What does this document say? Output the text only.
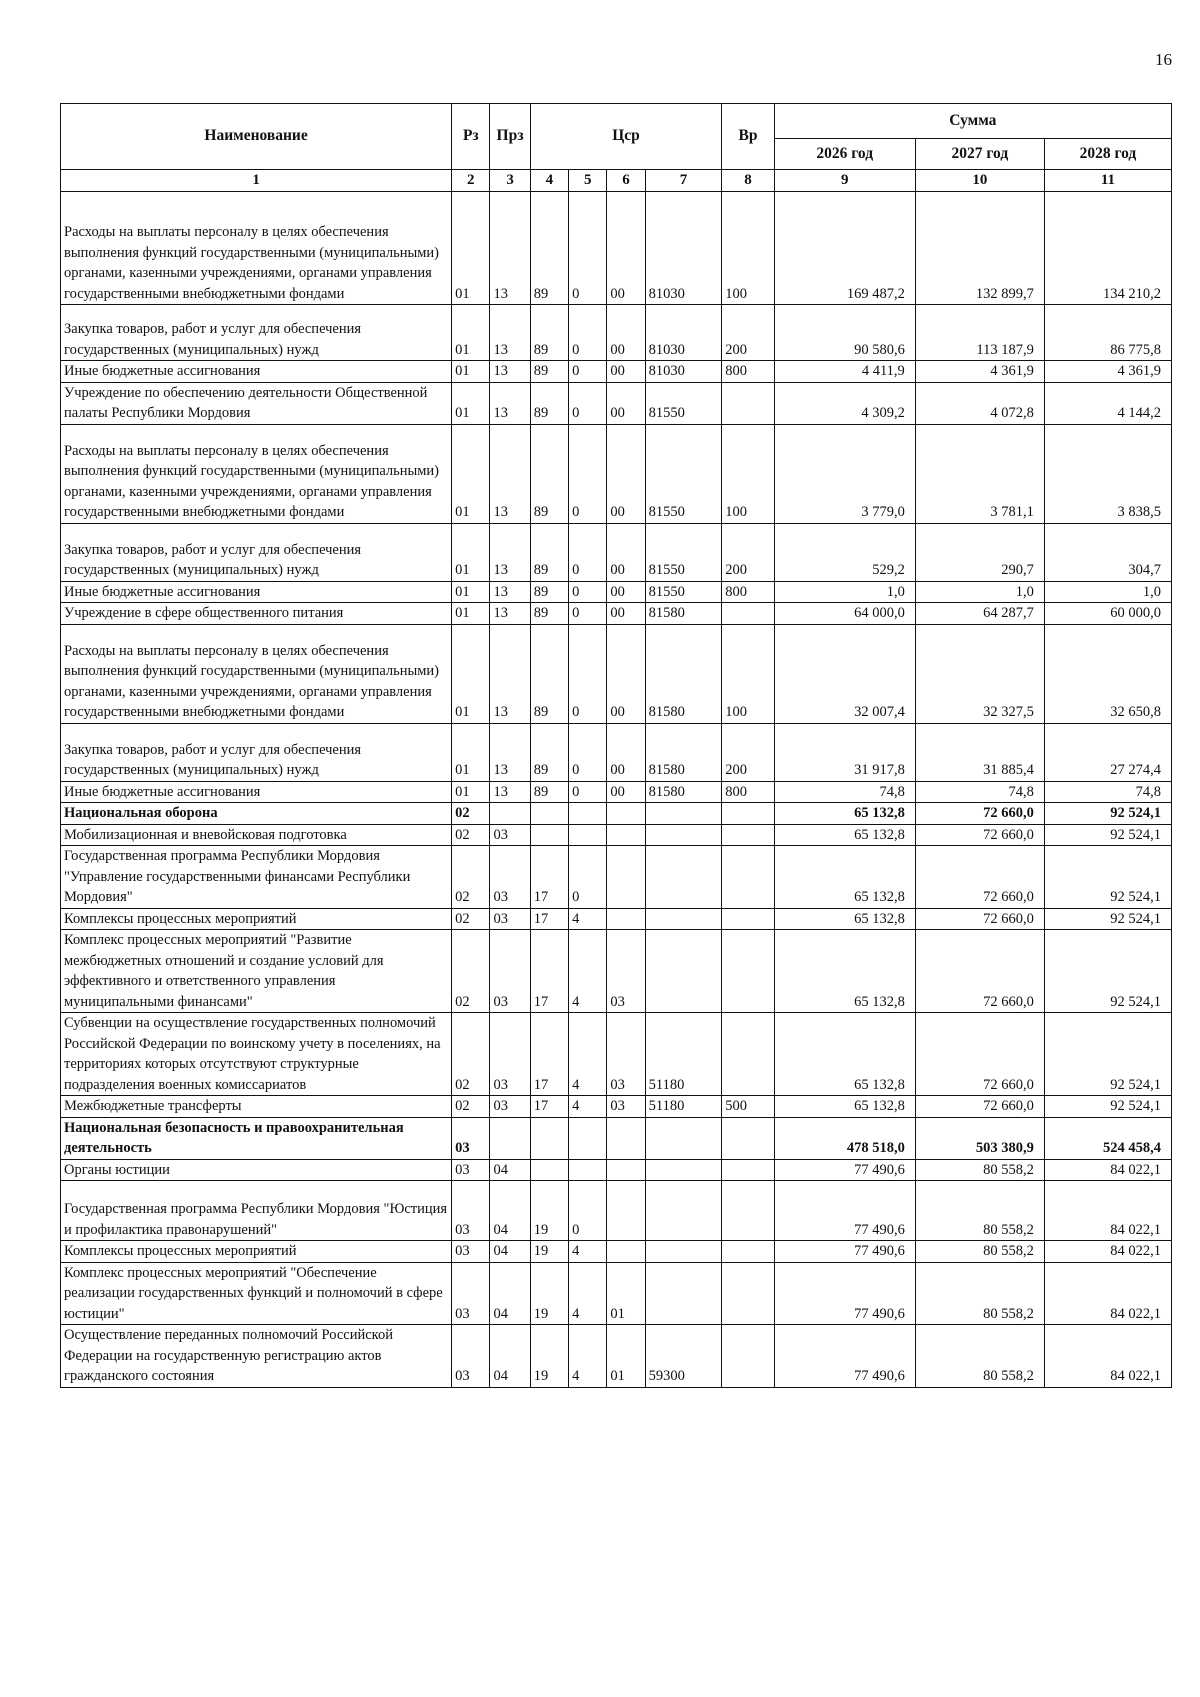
16
Наименование	Рз	Прз	Цср				Вр	Сумма		
								2026 год	2027 год	2028 год
1	2	3	4	5	6	7	8	9	10	11
Расходы на выплаты персоналу в целях обеспечения выполнения функций государственными (муниципальными) органами, казенными учреждениями, органами управления государственными внебюджетными фондами	01	13	89	0	00	81030	100	169 487,2	132 899,7	134 210,2
Закупка товаров, работ и услуг для обеспечения государственных (муниципальных) нужд	01	13	89	0	00	81030	200	90 580,6	113 187,9	86 775,8
Иные бюджетные ассигнования	01	13	89	0	00	81030	800	4 411,9	4 361,9	4 361,9
Учреждение по обеспечению деятельности Общественной палаты Республики Мордовия	01	13	89	0	00	81550		4 309,2	4 072,8	4 144,2
Расходы на выплаты персоналу в целях обеспечения выполнения функций государственными (муниципальными) органами, казенными учреждениями, органами управления государственными внебюджетными фондами	01	13	89	0	00	81550	100	3 779,0	3 781,1	3 838,5
Закупка товаров, работ и услуг для обеспечения государственных (муниципальных) нужд	01	13	89	0	00	81550	200	529,2	290,7	304,7
Иные бюджетные ассигнования	01	13	89	0	00	81550	800	1,0	1,0	1,0
Учреждение в сфере общественного питания	01	13	89	0	00	81580		64 000,0	64 287,7	60 000,0
Расходы на выплаты персоналу в целях обеспечения выполнения функций государственными (муниципальными) органами, казенными учреждениями, органами управления государственными внебюджетными фондами	01	13	89	0	00	81580	100	32 007,4	32 327,5	32 650,8
Закупка товаров, работ и услуг для обеспечения государственных (муниципальных) нужд	01	13	89	0	00	81580	200	31 917,8	31 885,4	27 274,4
Иные бюджетные ассигнования	01	13	89	0	00	81580	800	74,8	74,8	74,8
Национальная оборона	02							65 132,8	72 660,0	92 524,1
Мобилизационная и вневойсковая подготовка	02	03						65 132,8	72 660,0	92 524,1
Государственная программа Республики Мордовия "Управление государственными финансами Республики Мордовия"	02	03	17	0				65 132,8	72 660,0	92 524,1
Комплексы процессных мероприятий	02	03	17	4				65 132,8	72 660,0	92 524,1
Комплекс процессных мероприятий "Развитие межбюджетных отношений и создание условий для эффективного и ответственного управления муниципальными финансами"	02	03	17	4	03			65 132,8	72 660,0	92 524,1
Субвенции на осуществление государственных полномочий Российской Федерации по воинскому учету в поселениях, на территориях которых отсутствуют структурные подразделения военных комиссариатов	02	03	17	4	03	51180		65 132,8	72 660,0	92 524,1
Межбюджетные трансферты	02	03	17	4	03	51180	500	65 132,8	72 660,0	92 524,1
Национальная безопасность и правоохранительная деятельность	03							478 518,0	503 380,9	524 458,4
Органы юстиции	03	04						77 490,6	80 558,2	84 022,1
Государственная программа Республики Мордовия "Юстиция и профилактика правонарушений"	03	04	19	0				77 490,6	80 558,2	84 022,1
Комплексы процессных мероприятий	03	04	19	4				77 490,6	80 558,2	84 022,1
Комплекс процессных мероприятий "Обеспечение реализации государственных функций и полномочий в сфере юстиции"	03	04	19	4	01			77 490,6	80 558,2	84 022,1
Осуществление переданных полномочий Российской Федерации на государственную регистрацию актов гражданского состояния	03	04	19	4	01	59300		77 490,6	80 558,2	84 022,1
